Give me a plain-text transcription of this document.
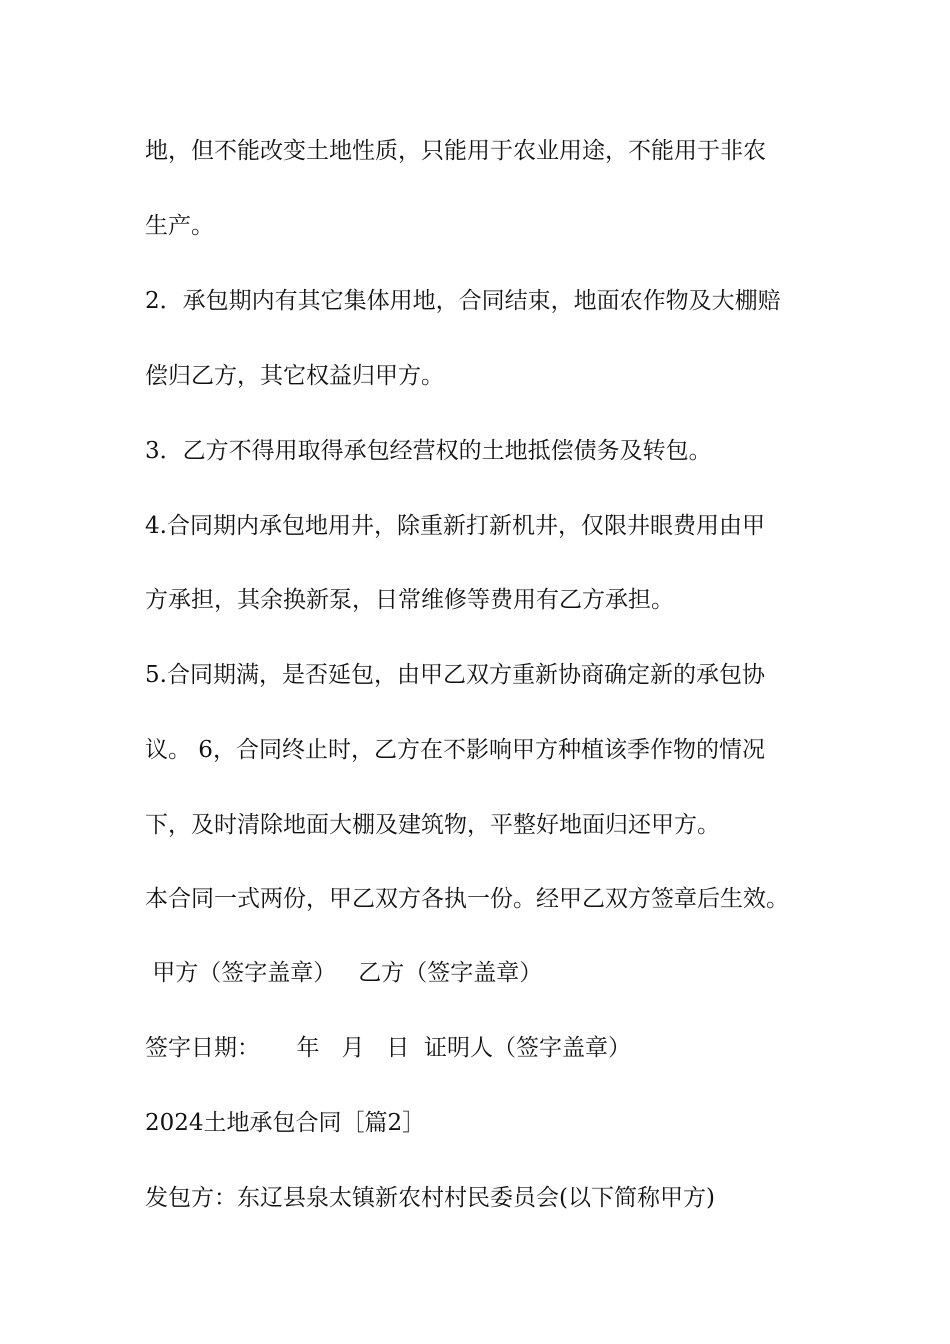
地，但不能改变土地性质，只能用于农业用途，不能用于非农

生产。

2．承包期内有其它集体用地，合同结束，地面农作物及大棚赔

偿归乙方，其它权益归甲方。

3．乙方不得用取得承包经营权的土地抵偿债务及转包。

4.合同期内承包地用井，除重新打新机井，仅限井眼费用由甲

方承担，其余换新泵，日常维修等费用有乙方承担。

5.合同期满，是否延包，由甲乙双方重新协商确定新的承包协

议。 6，合同终止时，乙方在不影响甲方种植该季作物的情况

下，及时清除地面大棚及建筑物，平整好地面归还甲方。

本合同一式两份，甲乙双方各执一份。经甲乙双方签章后生效。

甲方（签字盖章）   乙方（签字盖章）

签字日期：     年   月   日  证明人（签字盖章）

2024土地承包合同［篇2］

发包方：东辽县泉太镇新农村村民委员会(以下简称甲方)
